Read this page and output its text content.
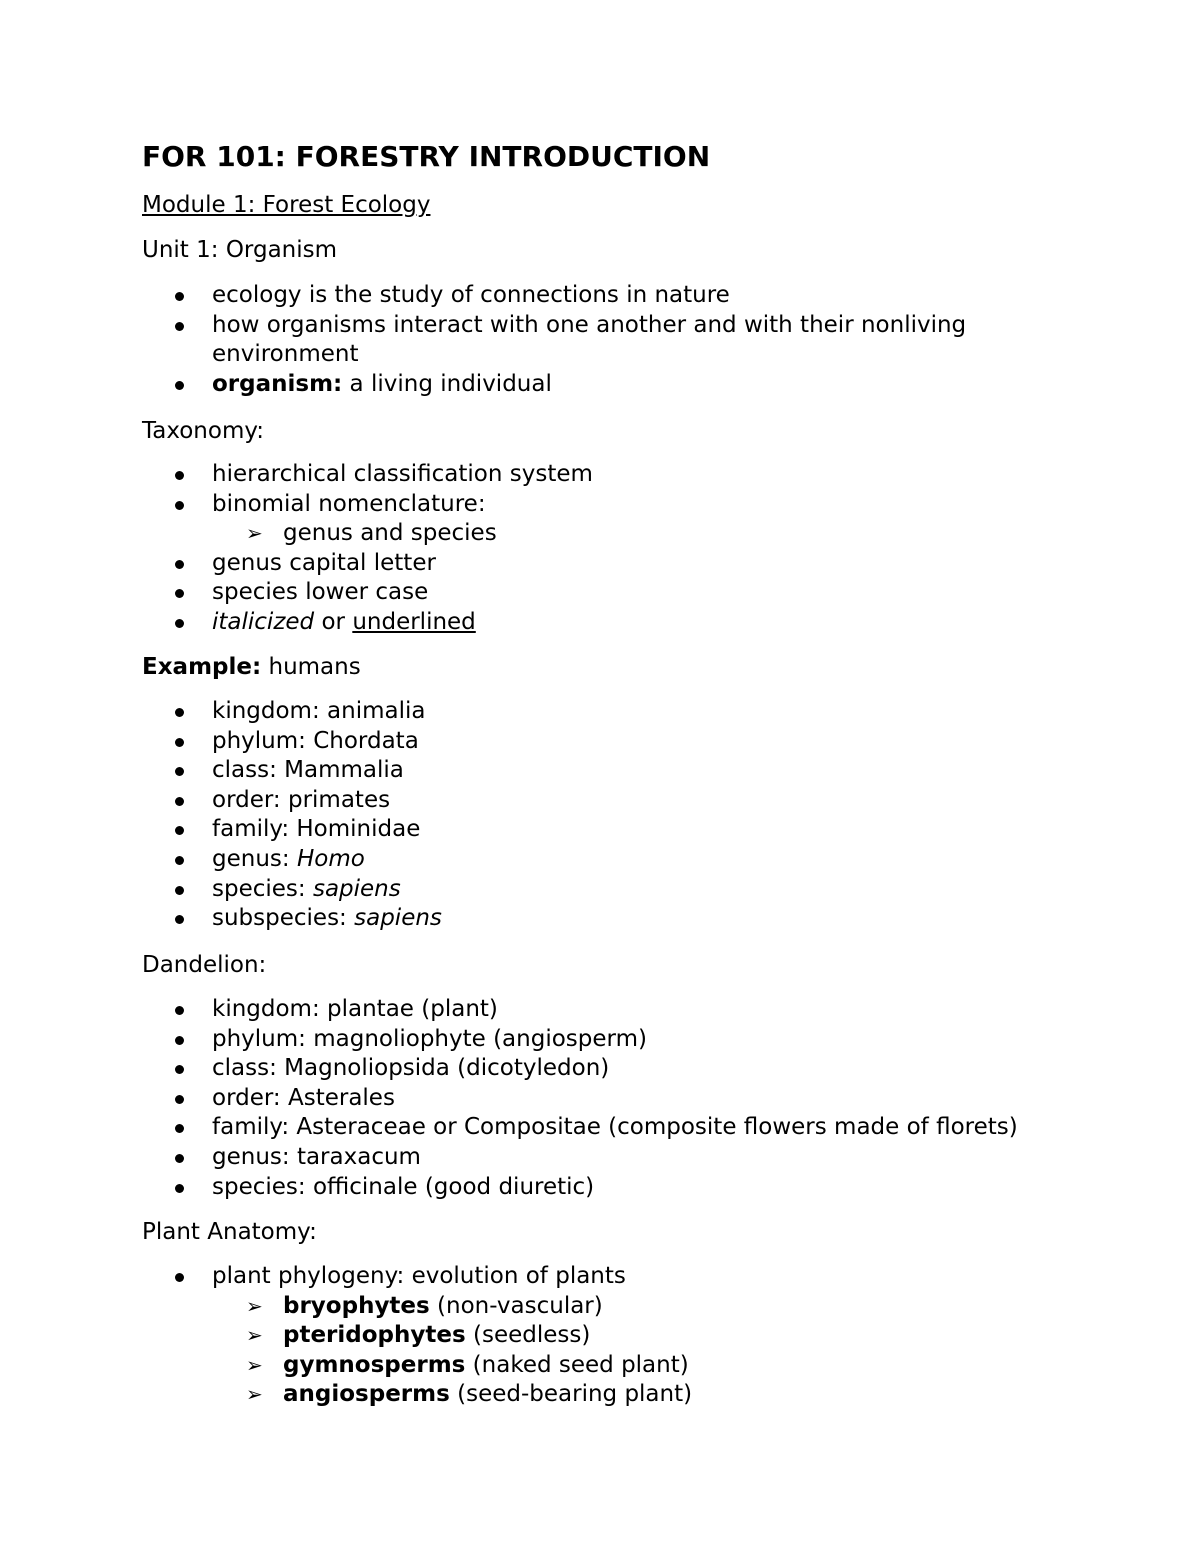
FOR 101: FORESTRY INTRODUCTION
Module 1: Forest Ecology
Unit 1: Organism
ecology is the study of connections in nature
how organisms interact with one another and with their nonliving environment
organism: a living individual
Taxonomy:
hierarchical classification system
binomial nomenclature:
➢ genus and species
genus capital letter
species lower case
italicized or underlined
Example: humans
kingdom: animalia
phylum: Chordata
class: Mammalia
order: primates
family: Hominidae
genus: Homo
species: sapiens
subspecies: sapiens
Dandelion:
kingdom: plantae (plant)
phylum: magnoliophyte (angiosperm)
class: Magnoliopsida (dicotyledon)
order: Asterales
family: Asteraceae or Compositae (composite flowers made of florets)
genus: taraxacum
species: officinale (good diuretic)
Plant Anatomy:
plant phylogeny: evolution of plants
➢ bryophytes (non-vascular)
➢ pteridophytes (seedless)
➢ gymnosperms (naked seed plant)
➢ angiosperms (seed-bearing plant)
